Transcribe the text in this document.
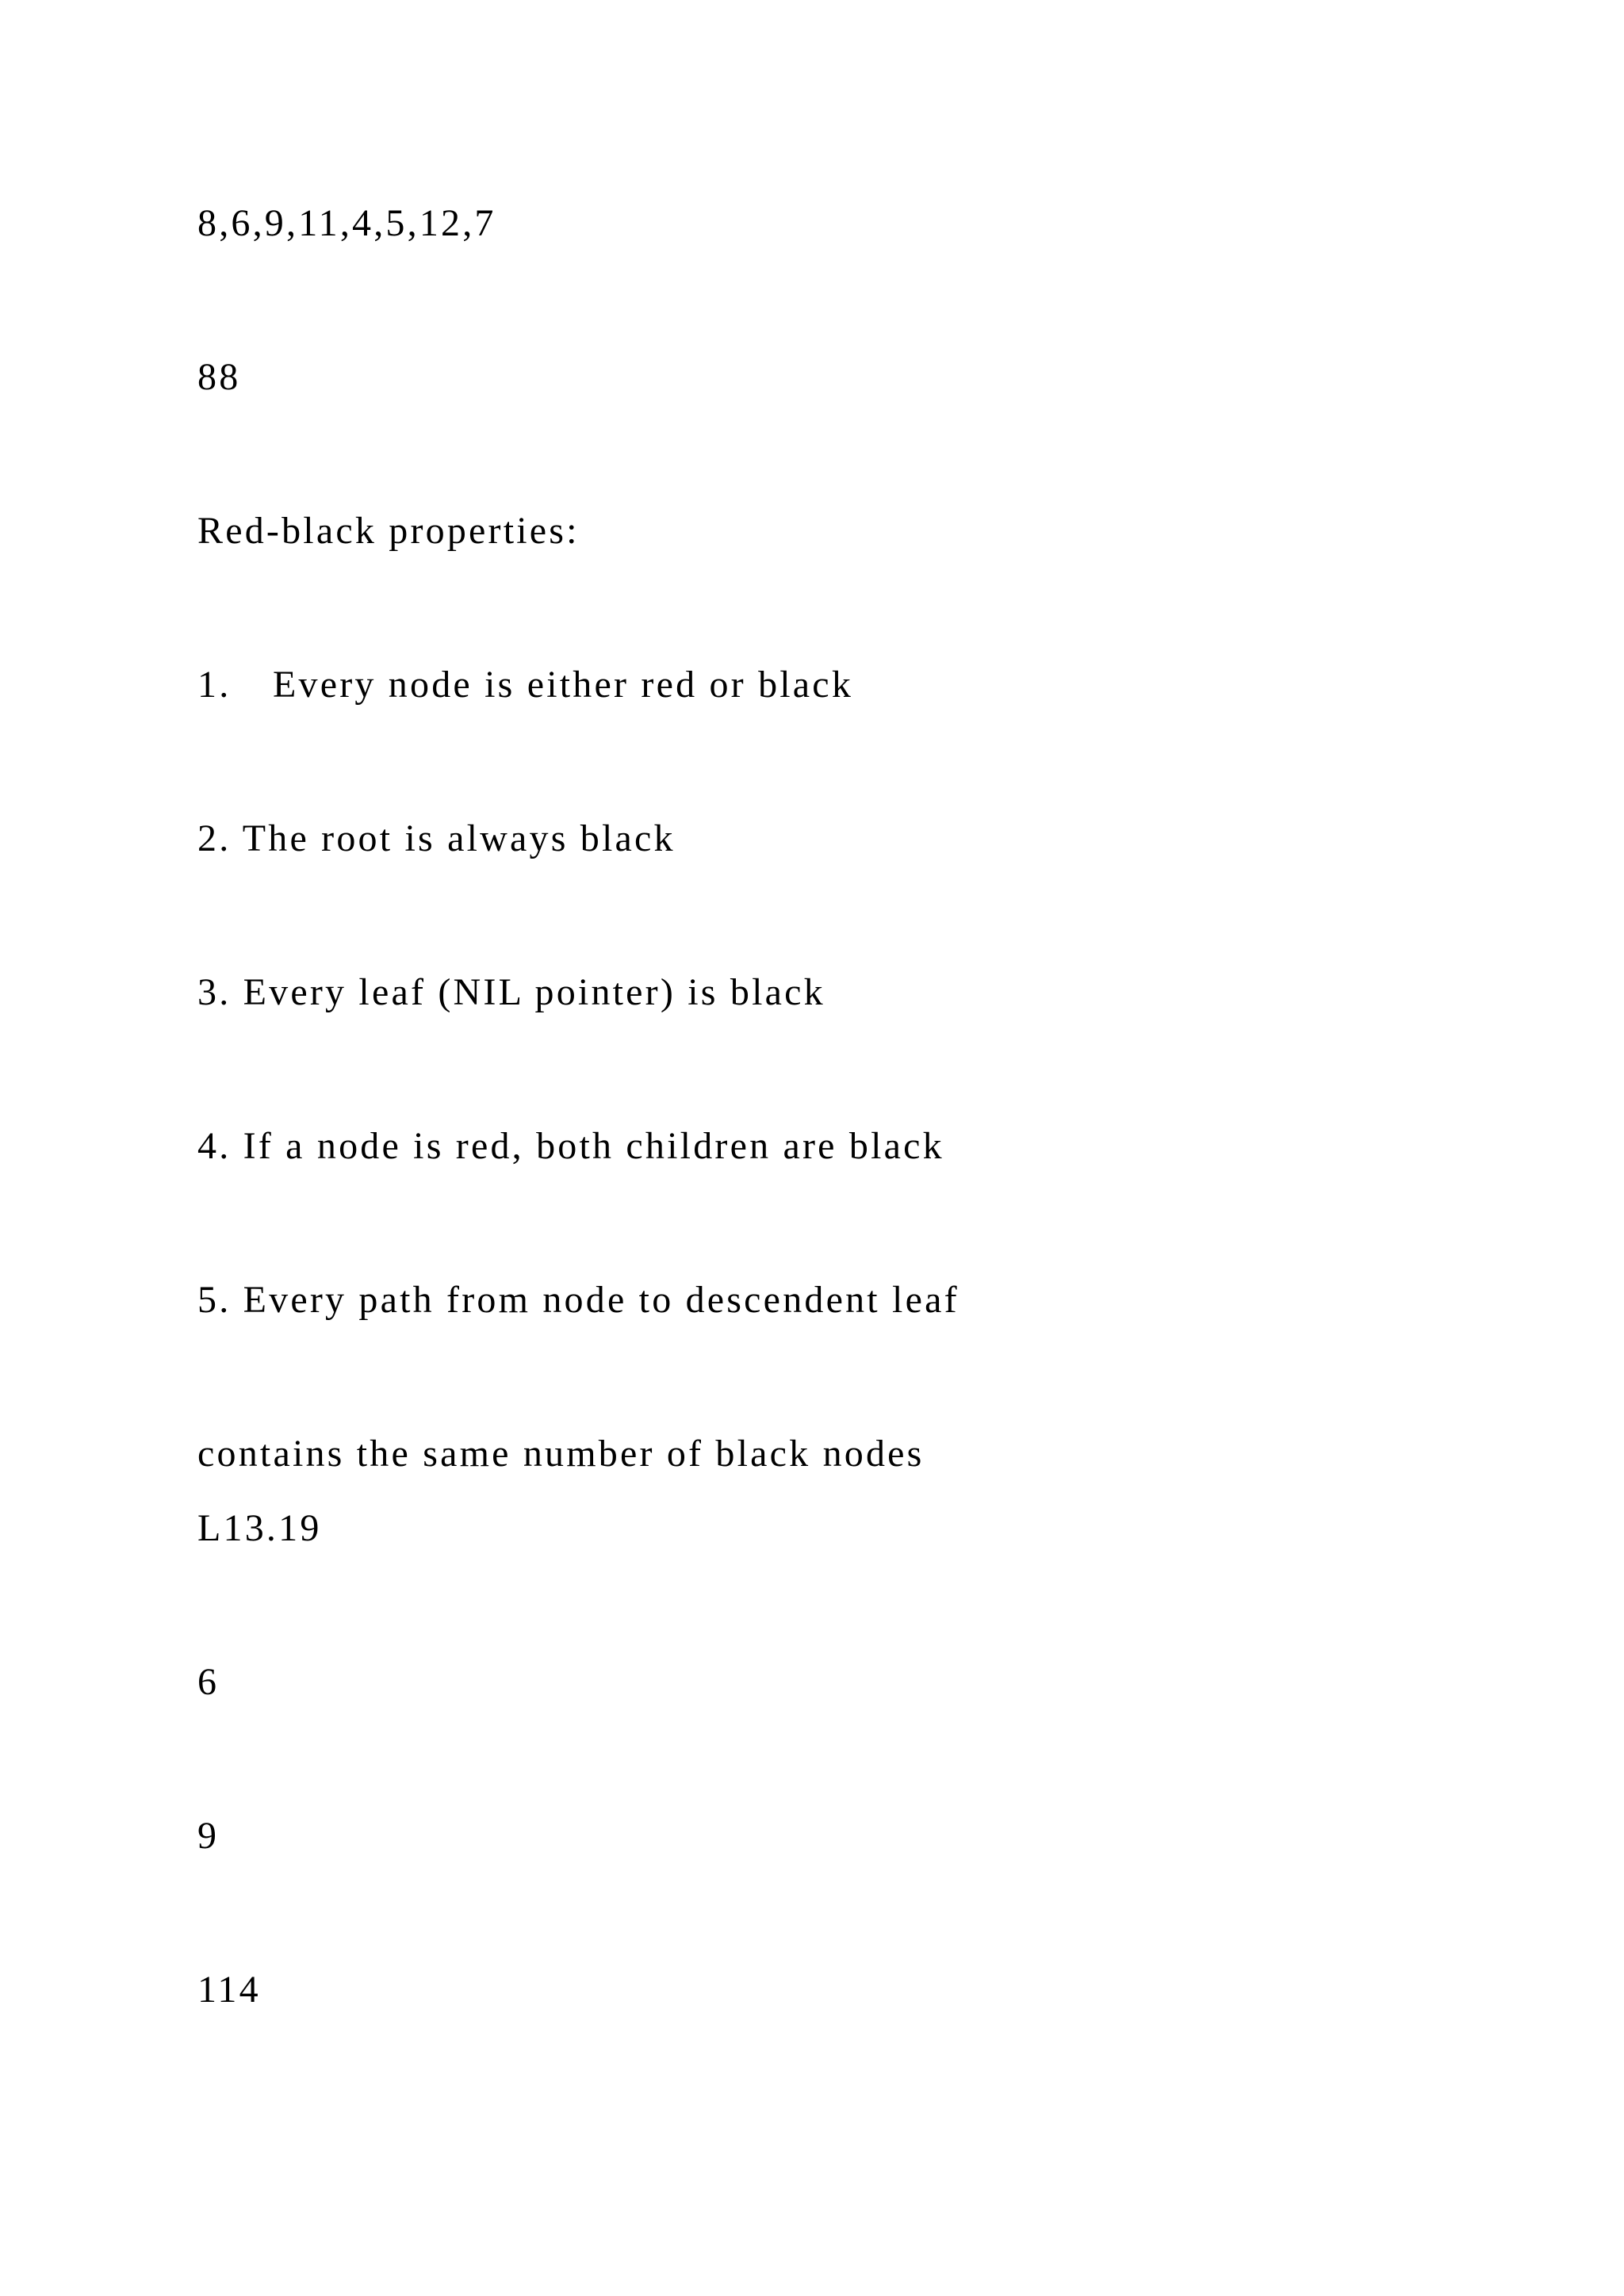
8,6,9,11,4,5,12,7

88

Red-black properties:

1. Every node is either red or black

2. The root is always black

3. Every leaf (NIL pointer) is black

4. If a node is red, both children are black

5. Every path from node to descendent leaf

contains the same number of black nodes

L13.19

6

9

114
